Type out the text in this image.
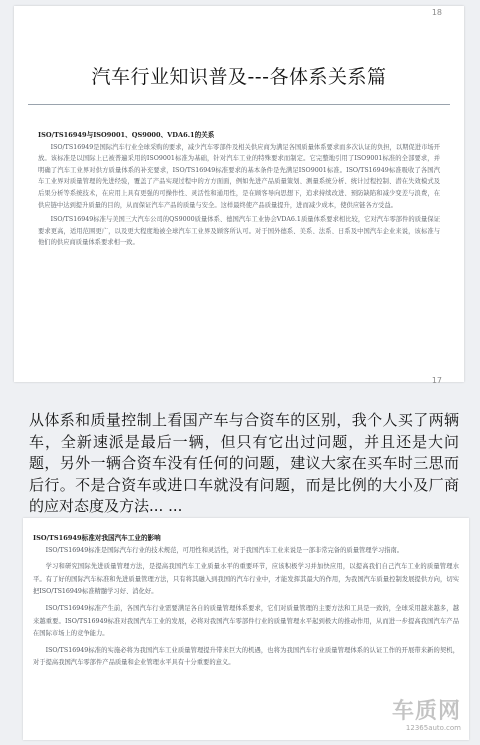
18
汽车行业知识普及---各体系关系篇
ISO/TS16949与ISO9001、QS9000、VDA6.1的关系

ISO/TS16949是国际汽车行业全球采购的要求，减少汽车零部件及相关供应商为满足各国质量体系要求而多次认证的负担，以期促进市场开放。该标准是以国际上已被普遍采用的ISO9001标准为基础，针对汽车工业的特殊要求而制定。它完整地引用了ISO9001标准的全部要求，并明确了汽车工业界对供方质量体系的补充要求，ISO/TS16949标准要求的基本条件是先满足ISO9001标准。ISO/TS16949标准吸收了各国汽车工业界对质量管理的先进经验，覆盖了产品实现过程中的方方面面，例如先进产品质量策划、测量系统分析、统计过程控制、潜在失效模式及后果分析等系统技术，在应用上具有更强的可操作性、灵活性和通用性，是在顾客导向思想下，追求持续改进、预防缺陷和减少变差与浪费，在供应链中达到提升质量的目的，从而保证汽车产品的质量与安全。这样最终使产品质量提升，进而减少成本，使供应链各方受益。

ISO/TS16949标准与美国三大汽车公司的QS9000质量体系、德国汽车工业协会VDA6.1质量体系要求相比较，它对汽车零部件的质量保证要求更高，适用范围更广，以及更大程度地被全球汽车工业界及顾客所认可。对于国外德系、美系、法系、日系及中国汽车企业来说，该标准与他们的供应商质量体系要求相一致。

17
从体系和质量控制上看国产车与合资车的区别，我个人买了两辆车，全新速派是最后一辆，但只有它出过问题，并且还是大问题，另外一辆合资车没有任何的问题，建议大家在买车时三思而后行。不是合资车或进口车就没有问题，而是比例的大小及厂商的应对态度及方法... ...
ISO/TS16949标准对我国汽车工业的影响

ISO/TS16949标准是国际汽车行业的技术规范，可用性和灵活性，对于我国汽车工业来说是一部非常完备的质量管理学习指南。

学习和研究国际先进质量管理方法，是提高我国汽车工业质量水平的重要环节，应该积极学习并加快应用，以提高我们自己汽车工业的质量管理水平。有了好的国际汽车标准和先进质量管理方法，只有将其融入到我国的汽车行业中，才能发挥其最大的作用，为我国汽车质量控制发展提供方向，切实把ISO/TS16949标准精髓学习好、消化好。

ISO/TS16949标准产生前，各国汽车行业需要满足各自的质量管理体系要求，它们对质量管理的主要方法和工具是一致的，全球采用越来越多，越来越重要。ISO/TS16949标准对我国汽车工业的发展，必将对我国汽车零部件行业的质量管理水平起到极大的推动作用，从而进一步提高我国汽车产品在国际市场上的竞争能力。

ISO/TS16949标准的实施必将为我国汽车工业质量管理提升带来巨大的机遇，也将为我国汽车行业质量管理体系的认证工作的开展带来新的契机，对于提高我国汽车零部件产品质量和企业管理水平具有十分重要的意义。

车质网
12365auto.com
